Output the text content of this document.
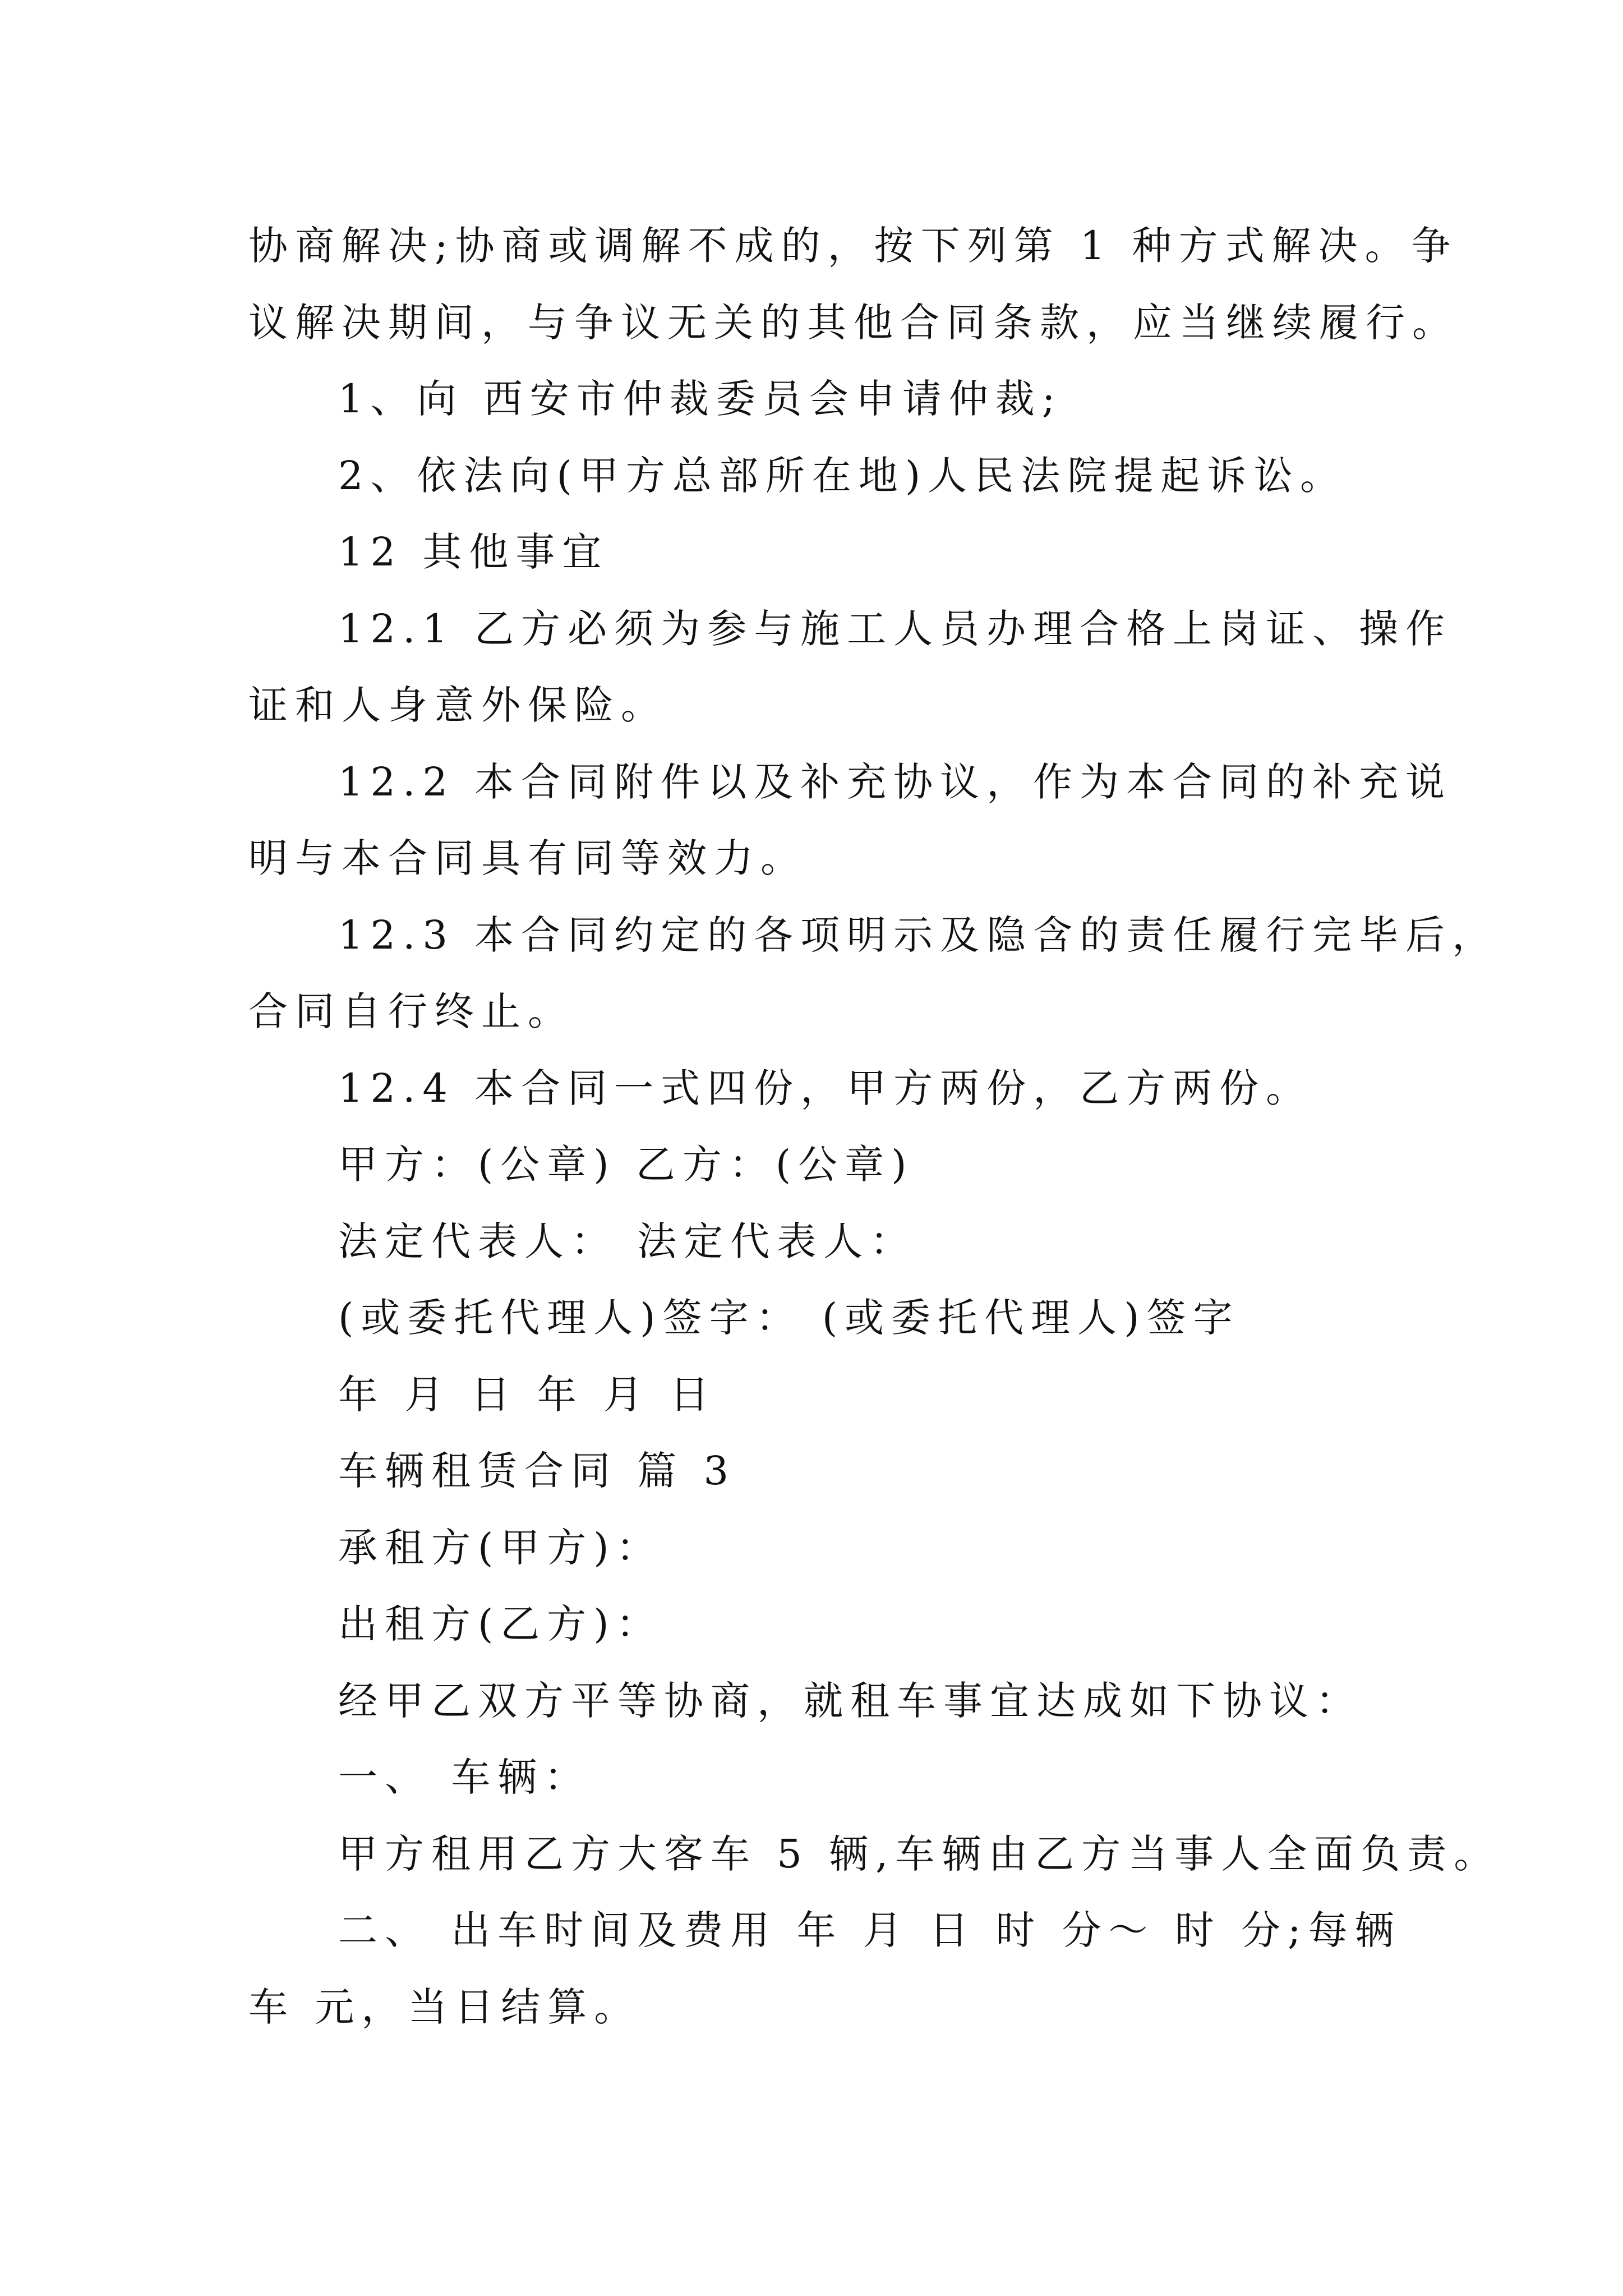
协商解决;协商或调解不成的，按下列第 1 种方式解决。争
议解决期间，与争议无关的其他合同条款，应当继续履行。
1、向 西安市仲裁委员会申请仲裁;
2、依法向(甲方总部所在地)人民法院提起诉讼。
12 其他事宜
12.1 乙方必须为参与施工人员办理合格上岗证、操作
证和人身意外保险。
12.2 本合同附件以及补充协议，作为本合同的补充说
明与本合同具有同等效力。
12.3 本合同约定的各项明示及隐含的责任履行完毕后，
合同自行终止。
12.4 本合同一式四份，甲方两份，乙方两份。
甲方：(公章) 乙方：(公章)
法定代表人： 法定代表人：
(或委托代理人)签字： (或委托代理人)签字
年 月 日 年 月 日
车辆租赁合同 篇 3
承租方(甲方)：
出租方(乙方)：
经甲乙双方平等协商，就租车事宜达成如下协议：
一、 车辆：
甲方租用乙方大客车 5 辆,车辆由乙方当事人全面负责。
二、 出车时间及费用 年 月 日 时 分～ 时 分;每辆
车 元，当日结算。
